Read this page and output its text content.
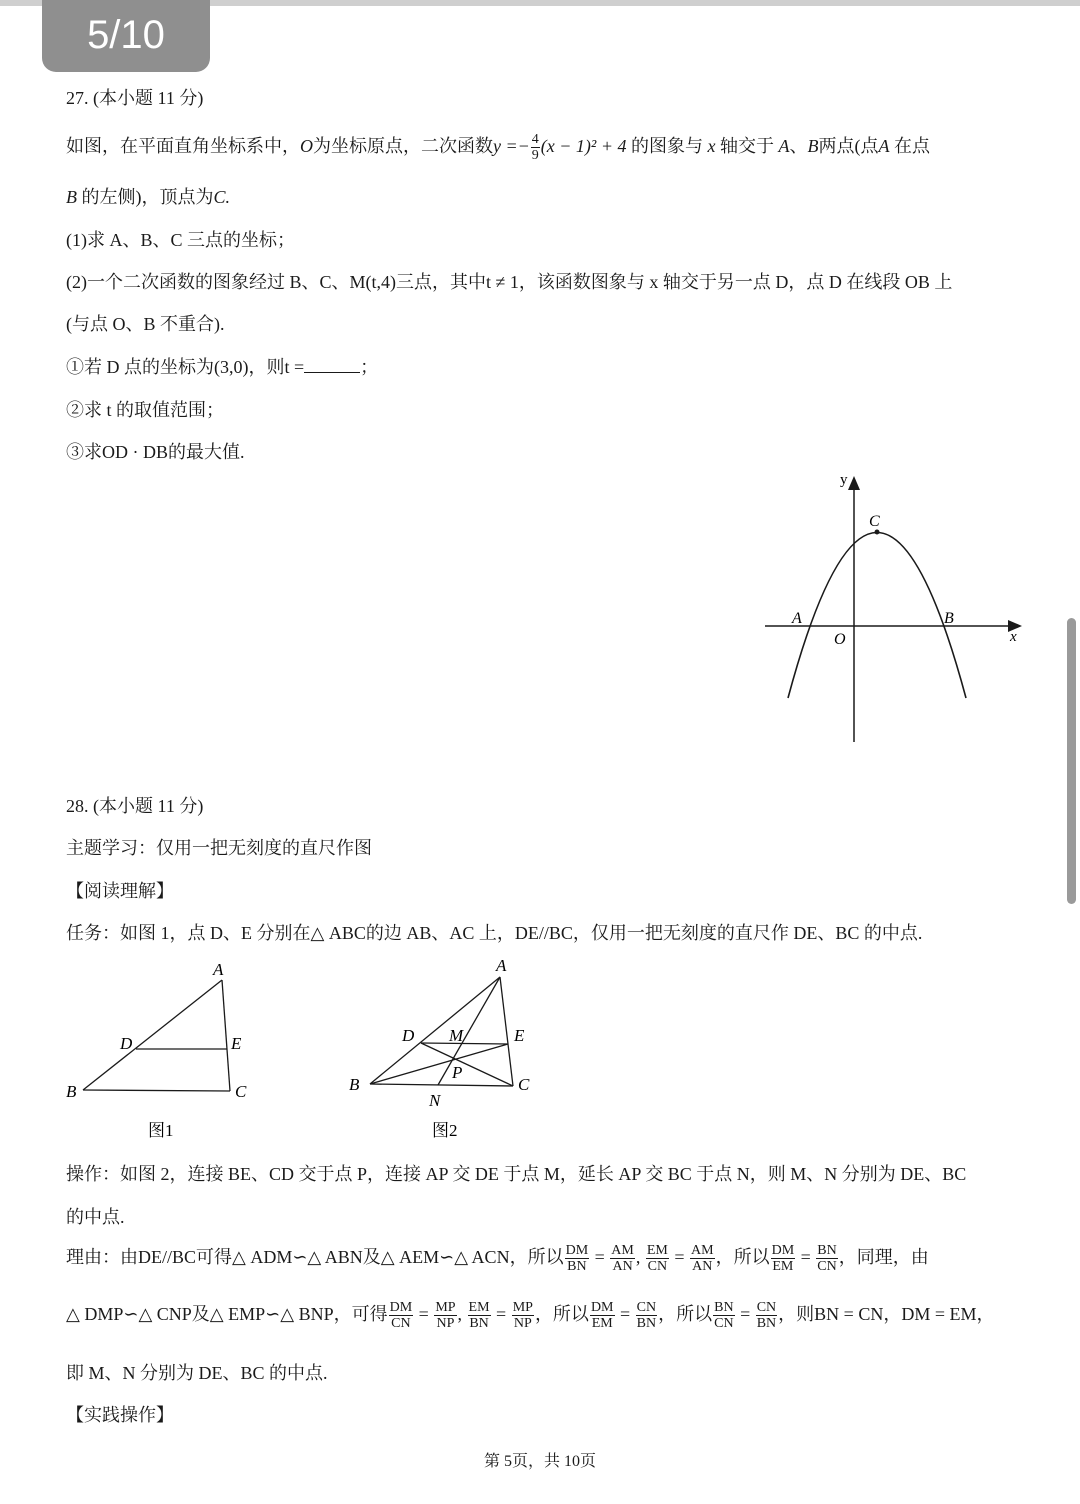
5/10
27. (本小题 11 分)
如图，在平面直角坐标系中，O为坐标原点，二次函数$y =- \frac{4}{9} (x - 1)^2 + 4$ 的图象与 x 轴交于 A、B两点(点A 在点
B 的左侧)，顶点为C.
(1)求 A、B、C 三点的坐标；
(2)一个二次函数的图象经过 B、C、M(t,4)三点，其中t ≠ 1，该函数图象与 x 轴交于另一点 D，点 D 在线段 OB 上
(与点 O、B 不重合).
①若 D 点的坐标为(3,0)，则t =	；
②求 t 的取值范围；
③求OD · DB的最大值.
y
x
C
A	B
O
28. (本小题 11 分)
主题学习：仅用一把无刻度的直尺作图
【阅读理解】
任务：如图 1，点 D、E 分别在△ ABC的边 AB、AC 上，DE//BC，仅用一把无刻度的直尺作 DE、BC 的中点.
A
D	E
B	C
图1
A
D M	E
P
B	C
N
图2
操作：如图 2，连接 BE、CD 交于点 P，连接 AP 交 DE 于点 M，延长 AP 交 BC 于点 N，则 M、N 分别为 DE、BC
的中点.
理由：由DE//BC可得△ ADM∽△ ABN及△ AEM∽△ ACN，所以 $\frac{DM}{BN} = \frac{AM}{AN}$ , $\frac{EM}{CN} = \frac{AM}{AN}$ ，所以 $\frac{DM}{EM} = \frac{BN}{CN}$ ，同理，由
△ DMP∽△ CNP及△ EMP∽△ BNP，可得 $\frac{DM}{CN} = \frac{MP}{NP}$ , $\frac{EM}{BN} = \frac{MP}{NP}$ ，所以 $\frac{DM}{EM} = \frac{CN}{BN}$ ，所以 $\frac{BN}{CN} = \frac{CN}{BN}$ ，则BN = CN，DM = EM，
即 M、N 分别为 DE、BC 的中点.
【实践操作】
第 5页，共 10页
